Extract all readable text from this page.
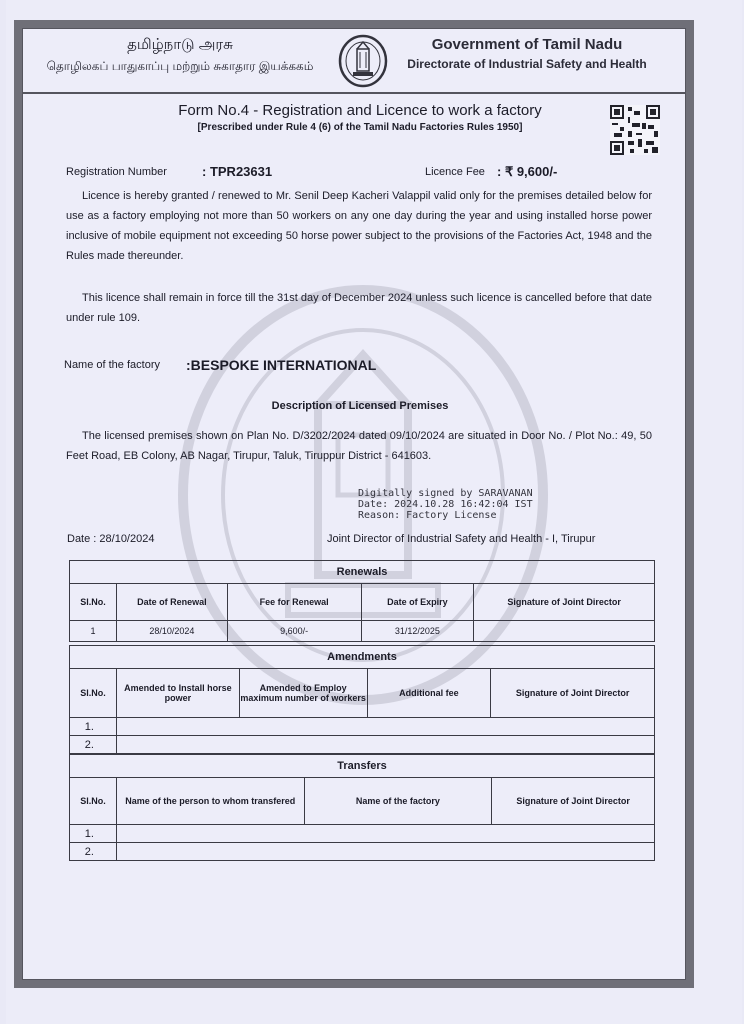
தமிழ்நாடு அரசு
தொழிலகப் பாதுகாப்பு மற்றும் சுகாதார இயக்ககம்
Government of Tamil Nadu
Directorate of Industrial Safety and Health
Form No.4 - Registration and Licence to work a factory
[Prescribed under Rule 4 (6) of the Tamil Nadu Factories Rules 1950]
Registration Number	: TPR23631	Licence Fee : ₹ 9,600/-
Licence is hereby granted / renewed to Mr. Senil Deep Kacheri Valappil valid only for the premises detailed below for use as a factory employing not more than 50 workers on any one day during the year and using installed horse power inclusive of mobile equipment not exceeding 50 horse power subject to the provisions of the Factories Act, 1948 and the Rules made thereunder.
This licence shall remain in force till the 31st day of December 2024 unless such licence is cancelled before that date under rule 109.
Name of the factory :BESPOKE INTERNATIONAL
Description of Licensed Premises
The licensed premises shown on Plan No. D/3202/2024 dated 09/10/2024 are situated in Door No. / Plot No.: 49, 50 Feet Road, EB Colony, AB Nagar, Tirupur, Taluk, Tiruppur District - 641603.
Digitally signed by SARAVANAN
Date: 2024.10.28 16:42:04 IST
Reason: Factory License
Date : 28/10/2024	Joint Director of Industrial Safety and Health - I, Tirupur
Renewals				
Sl.No.	Date of Renewal	Fee for Renewal	Date of Expiry	Signature of Joint Director
1	28/10/2024	9,600/-	31/12/2025	
Amendments				
Sl.No.	Amended to Install horse power	Amended to Employ maximum number of workers	Additional fee	Signature of Joint Director
1.				
2.				
Transfers			
Sl.No.	Name of the person to whom transfered	Name of the factory	Signature of Joint Director
1.			
2.			
